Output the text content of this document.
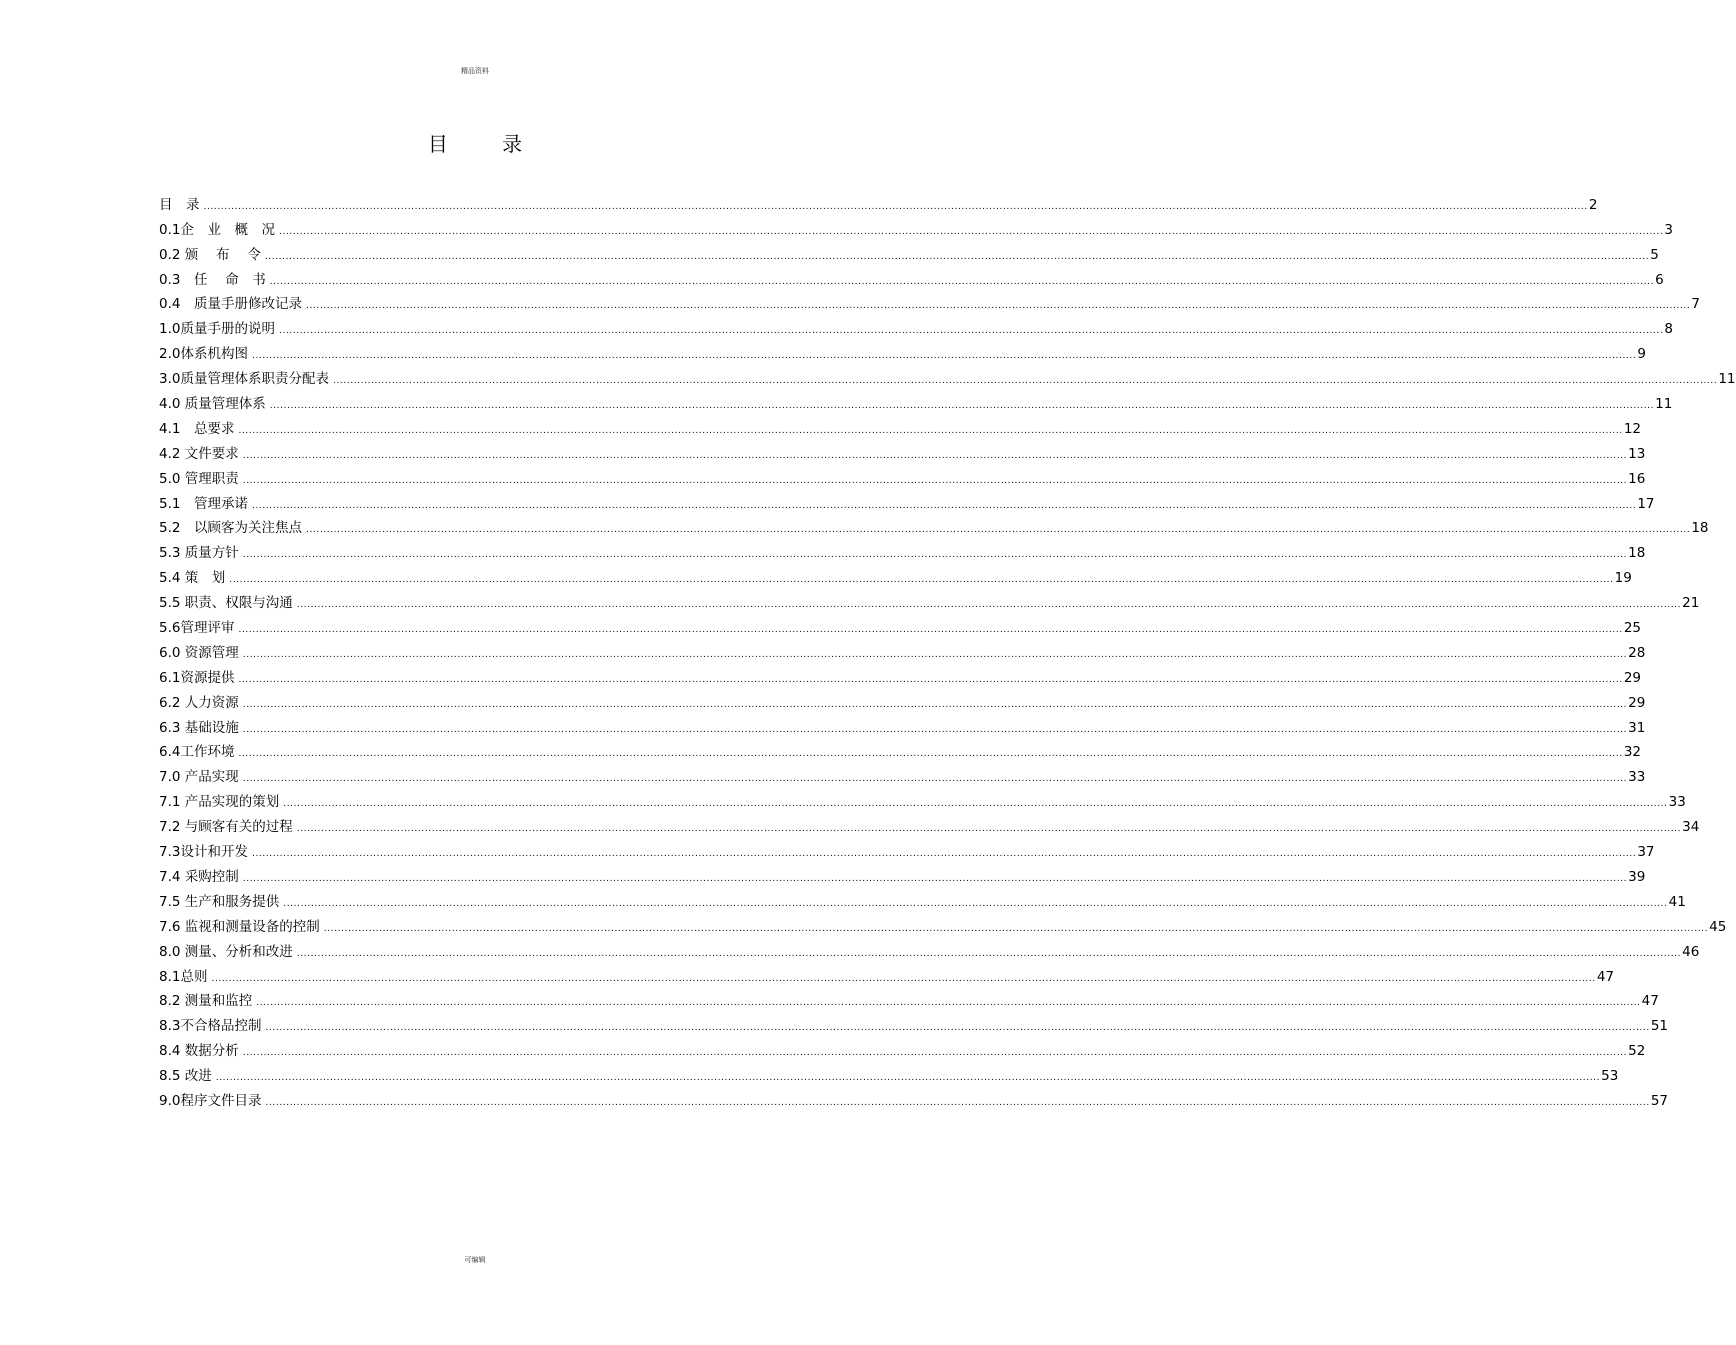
精品资料
目 录
目　录 ................................................................................................................................................................................................................................................................................................................................................................................................................ 2
0.1企　业　概　况 ................................................................................................................................................................................................................................................................................................................................................................................................................ 3
0.2 颁　 布　 令 ................................................................................................................................................................................................................................................................................................................................................................................................................ 5
0.3　任　 命　书 ................................................................................................................................................................................................................................................................................................................................................................................................................ 6
0.4　质量手册修改记录 ................................................................................................................................................................................................................................................................................................................................................................................................................ 7
1.0质量手册的说明 ................................................................................................................................................................................................................................................................................................................................................................................................................ 8
2.0体系机构图 ................................................................................................................................................................................................................................................................................................................................................................................................................ 9
3.0质量管理体系职责分配表 ................................................................................................................................................................................................................................................................................................................................................................................................................ 11
4.0 质量管理体系 ................................................................................................................................................................................................................................................................................................................................................................................................................ 11
4.1　总要求 ................................................................................................................................................................................................................................................................................................................................................................................................................ 12
4.2 文件要求 ................................................................................................................................................................................................................................................................................................................................................................................................................ 13
5.0 管理职责 ................................................................................................................................................................................................................................................................................................................................................................................................................ 16
5.1　管理承诺 ................................................................................................................................................................................................................................................................................................................................................................................................................ 17
5.2　以顾客为关注焦点 ................................................................................................................................................................................................................................................................................................................................................................................................................ 18
5.3 质量方针 ................................................................................................................................................................................................................................................................................................................................................................................................................ 18
5.4 策　划 ................................................................................................................................................................................................................................................................................................................................................................................................................ 19
5.5 职责、权限与沟通 ................................................................................................................................................................................................................................................................................................................................................................................................................ 21
5.6管理评审 ................................................................................................................................................................................................................................................................................................................................................................................................................ 25
6.0 资源管理 ................................................................................................................................................................................................................................................................................................................................................................................................................ 28
6.1资源提供 ................................................................................................................................................................................................................................................................................................................................................................................................................ 29
6.2 人力资源 ................................................................................................................................................................................................................................................................................................................................................................................................................ 29
6.3 基础设施 ................................................................................................................................................................................................................................................................................................................................................................................................................ 31
6.4工作环境 ................................................................................................................................................................................................................................................................................................................................................................................................................ 32
7.0 产品实现 ................................................................................................................................................................................................................................................................................................................................................................................................................ 33
7.1 产品实现的策划 ................................................................................................................................................................................................................................................................................................................................................................................................................ 33
7.2 与顾客有关的过程 ................................................................................................................................................................................................................................................................................................................................................................................................................ 34
7.3设计和开发 ................................................................................................................................................................................................................................................................................................................................................................................................................ 37
7.4 采购控制 ................................................................................................................................................................................................................................................................................................................................................................................................................ 39
7.5 生产和服务提供 ................................................................................................................................................................................................................................................................................................................................................................................................................ 41
7.6 监视和测量设备的控制 ................................................................................................................................................................................................................................................................................................................................................................................................................ 45
8.0 测量、分析和改进 ................................................................................................................................................................................................................................................................................................................................................................................................................ 46
8.1总则 ................................................................................................................................................................................................................................................................................................................................................................................................................ 47
8.2 测量和监控 ................................................................................................................................................................................................................................................................................................................................................................................................................ 47
8.3不合格品控制 ................................................................................................................................................................................................................................................................................................................................................................................................................ 51
8.4 数据分析 ................................................................................................................................................................................................................................................................................................................................................................................................................ 52
8.5 改进 ................................................................................................................................................................................................................................................................................................................................................................................................................ 53
9.0程序文件目录 ................................................................................................................................................................................................................................................................................................................................................................................................................ 57
可编辑
